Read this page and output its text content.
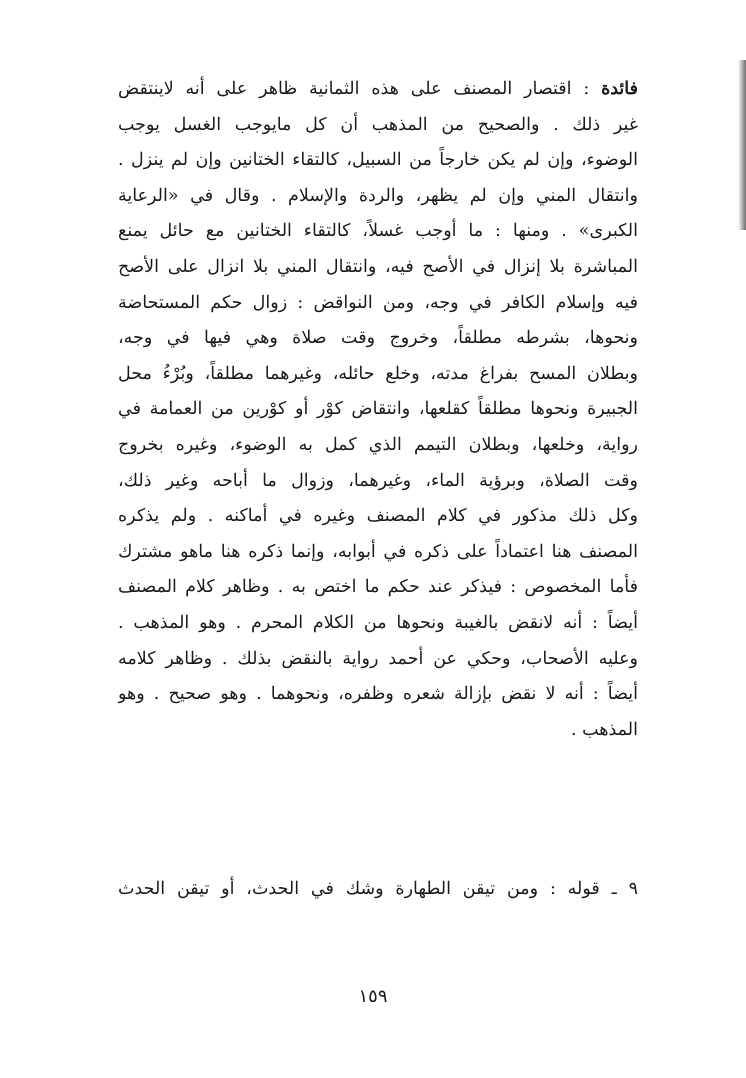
فائدة : اقتصار المصنف على هذه الثمانية ظاهر على أنه لاينتقض
غير ذلك . والصحيح من المذهب أن كل مايوجب الغسل يوجب
الوضوء، وإن لم يكن خارجاً من السبيل، كالتقاء الختانين وإن لم ينزل .
وانتقال المني وإن لم يظهر، والردة والإسلام . وقال في «الرعاية
الكبرى» . ومنها : ما أوجب غسلاً، كالتقاء الختانين مع حائل يمنع
المباشرة بلا إنزال في الأصح فيه، وانتقال المني بلا انزال على الأصح
فيه وإسلام الكافر في وجه، ومن النواقض : زوال حكم المستحاضة
ونحوها، بشرطه مطلقاً، وخروج وقت صلاة وهي فيها في وجه،
وبطلان المسح بفراغ مدته، وخلع حائله، وغيرهما مطلقاً، وبُرْءُ محل
الجبيرة ونحوها مطلقاً كقلعها، وانتقاض كوْر أو كوْرين من العمامة في
رواية، وخلعها، وبطلان التيمم الذي كمل به الوضوء، وغيره بخروج
وقت الصلاة، وبرؤية الماء، وغيرهما، وزوال ما أباحه وغير ذلك،
وكل ذلك مذكور في كلام المصنف وغيره في أماكنه . ولم يذكره
المصنف هنا اعتماداً على ذكره في أبوابه، وإنما ذكره هنا ماهو مشترك
فأما المخصوص : فيذكر عند حكم ما اختص به . وظاهر كلام المصنف
أيضاً : أنه لانقض بالغيبة ونحوها من الكلام المحرم . وهو المذهب .
وعليه الأصحاب، وحكي عن أحمد رواية بالنقض بذلك . وظاهر كلامه
أيضاً : أنه لا نقض بإزالة شعره وظفره، ونحوهما . وهو صحيح . وهو
المذهب .
٩ ـ قوله : ومن تيقن الطهارة وشك في الحدث، أو تيقن الحدث
١٥٩
